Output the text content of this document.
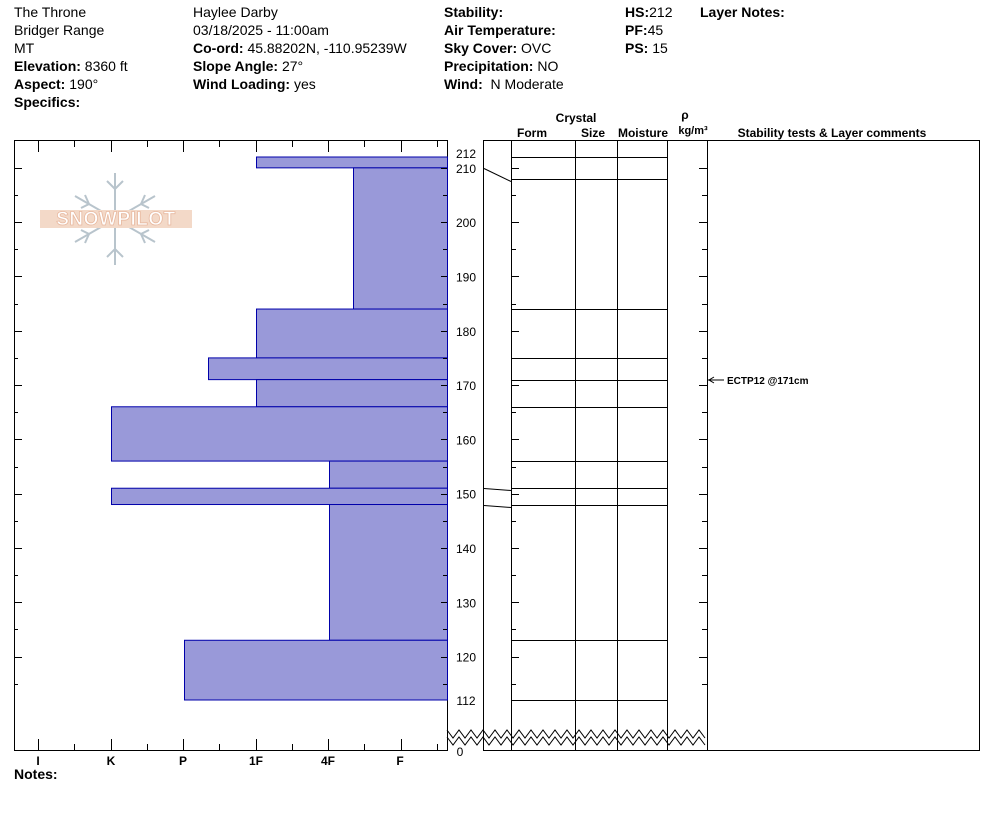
The Throne
Bridger Range
MT
Elevation: 8360 ft
Aspect: 190°
Specifics:
Haylee Darby
03/18/2025 - 11:00am
Co-ord: 45.88202N, -110.95239W
Slope Angle: 27°
Wind Loading: yes
Stability:
Air Temperature:
Sky Cover: OVC
Precipitation: NO
Wind: N Moderate
HS:212
PF:45
PS: 15
Layer Notes:
Notes:
SNOWPILOT
I	K	P	1F	4F	F
212
210
200
190
180
170
160
150
140
130
120
112
0
Crystal
Form	Size Moisture
ρ
kg/m³ Stability tests & Layer comments
ECTP12 @171cm
